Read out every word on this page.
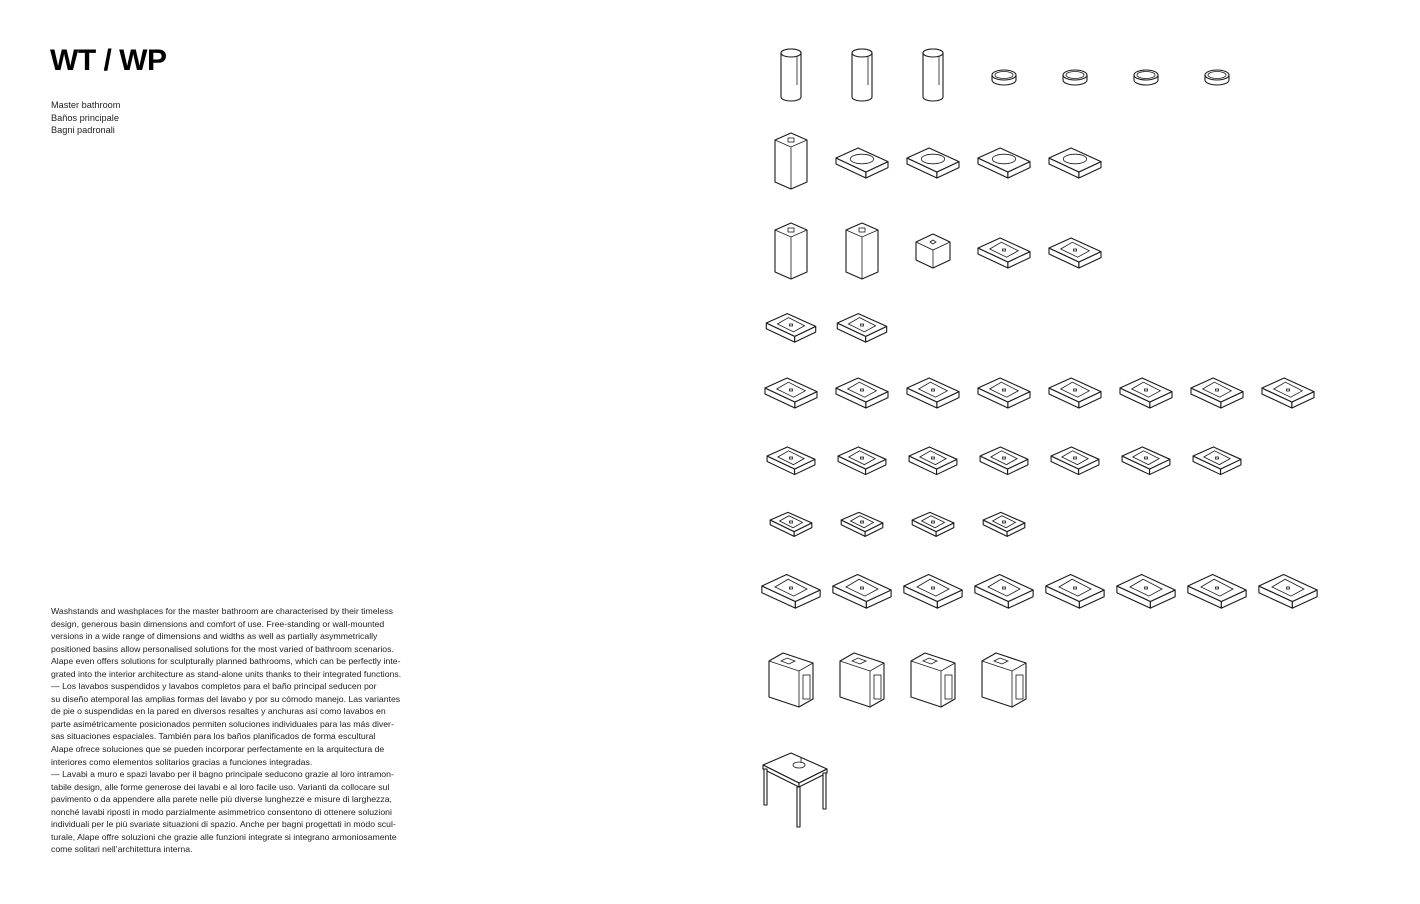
WT / WP
Master bathroom
Baños principale
Bagni padronali
Washstands and washplaces for the master bathroom are characterised by their timeless
design, generous basin dimensions and comfort of use. Free-standing or wall-mounted
versions in a wide range of dimensions and widths as well as partially asymmetrically
positioned basins allow personalised solutions for the most varied of bathroom scenarios.
Alape even offers solutions for sculpturally planned bathrooms, which can be perfectly inte-
grated into the interior architecture as stand-alone units thanks to their integrated functions.
— Los lavabos suspendidos y lavabos completos para el baño principal seducen por
su diseño atemporal las amplias formas del lavabo y por su cómodo manejo. Las variantes
de pie o suspendidas en la pared en diversos resaltes y anchuras así como lavabos en
parte asimétricamente posicionados permiten soluciones individuales para las más diver-
sas situaciones espaciales. También para los baños planificados de forma escultural
Alape ofrece soluciones que se pueden incorporar perfectamente en la arquitectura de
interiores como elementos solitarios gracias a funciones integradas.
— Lavabi a muro e spazi lavabo per il bagno principale seducono grazie al loro intramon-
tabile design, alle forme generose dei lavabi e al loro facile uso. Varianti da collocare sul
pavimento o da appendere alla parete nelle più diverse lunghezze e misure di larghezza,
nonché lavabi riposti in modo parzialmente asimmetrico consentono di ottenere soluzioni
individuali per le più svariate situazioni di spazio. Anche per bagni progettati in modo scul-
turale, Alape offre soluzioni che grazie alle funzioni integrate si integrano armoniosamente
come solitari nell’architettura interna.
